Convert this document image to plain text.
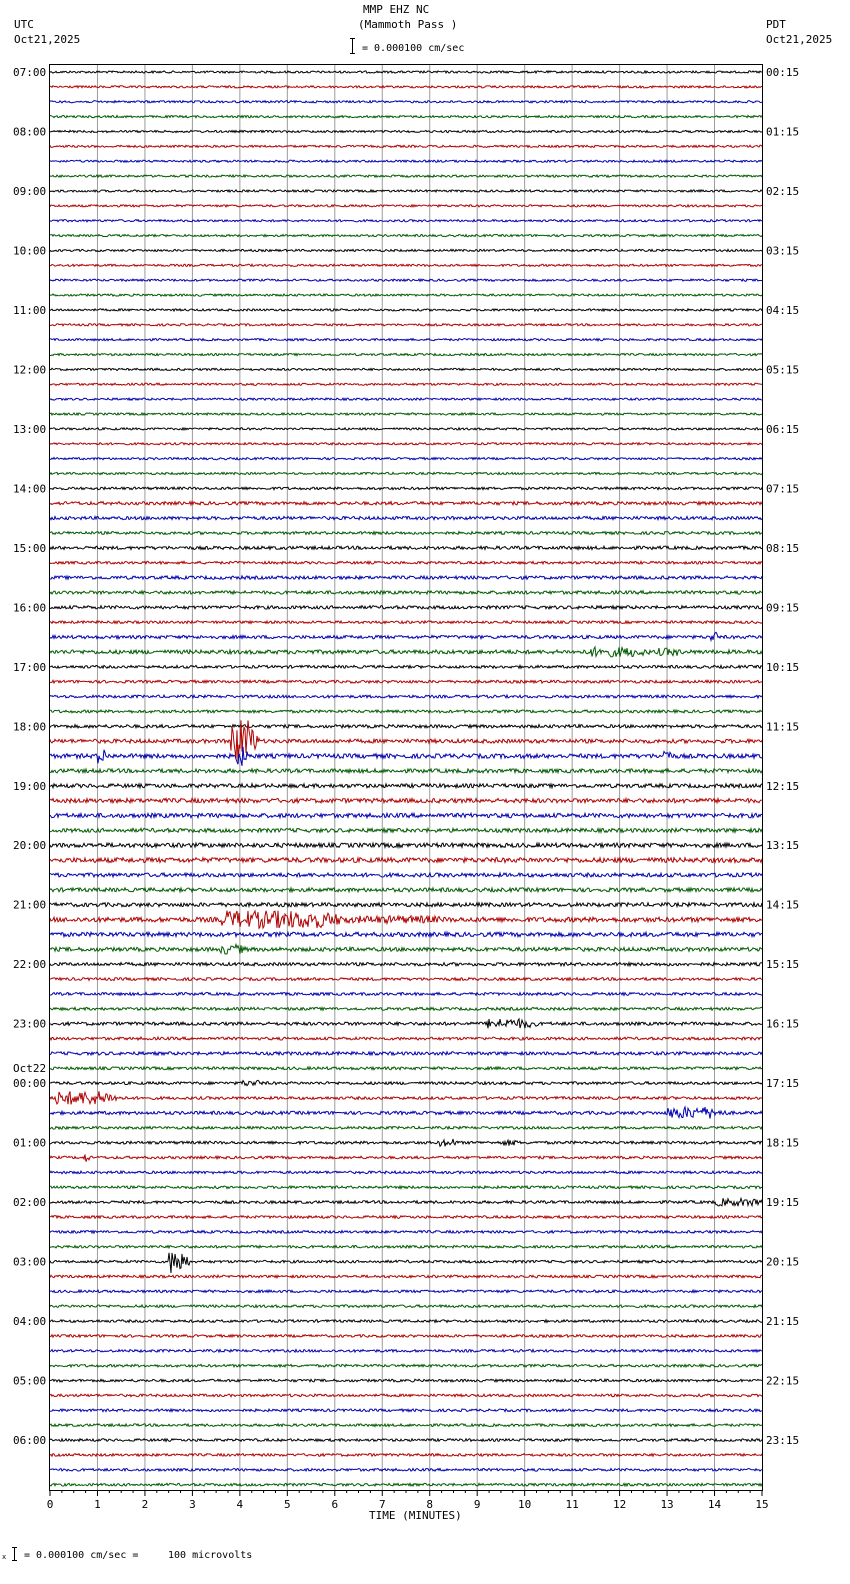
0	1	2	3	4	5	6	7	8	9	10	11	12	13	14	15
07:00	00:15
08:00	01:15
09:00	02:15
10:00	03:15
11:00	04:15
12:00	05:15
13:00	06:15
14:00	07:15
15:00	08:15
16:00	09:15
17:00	10:15
18:00	11:15
19:00	12:15
20:00	13:15
21:00	14:15
22:00	15:15
23:00	16:15
00:00	17:15
01:00	18:15
02:00	19:15
03:00	20:15
04:00	21:15
05:00	22:15
06:00	23:15
Oct22
MMP EHZ NC
(Mammoth Pass )
UTC
Oct21,2025
PDT
Oct21,2025
= 0.000100 cm/sec
TIME (MINUTES)
x = 0.000100 cm/sec =	100 microvolts
